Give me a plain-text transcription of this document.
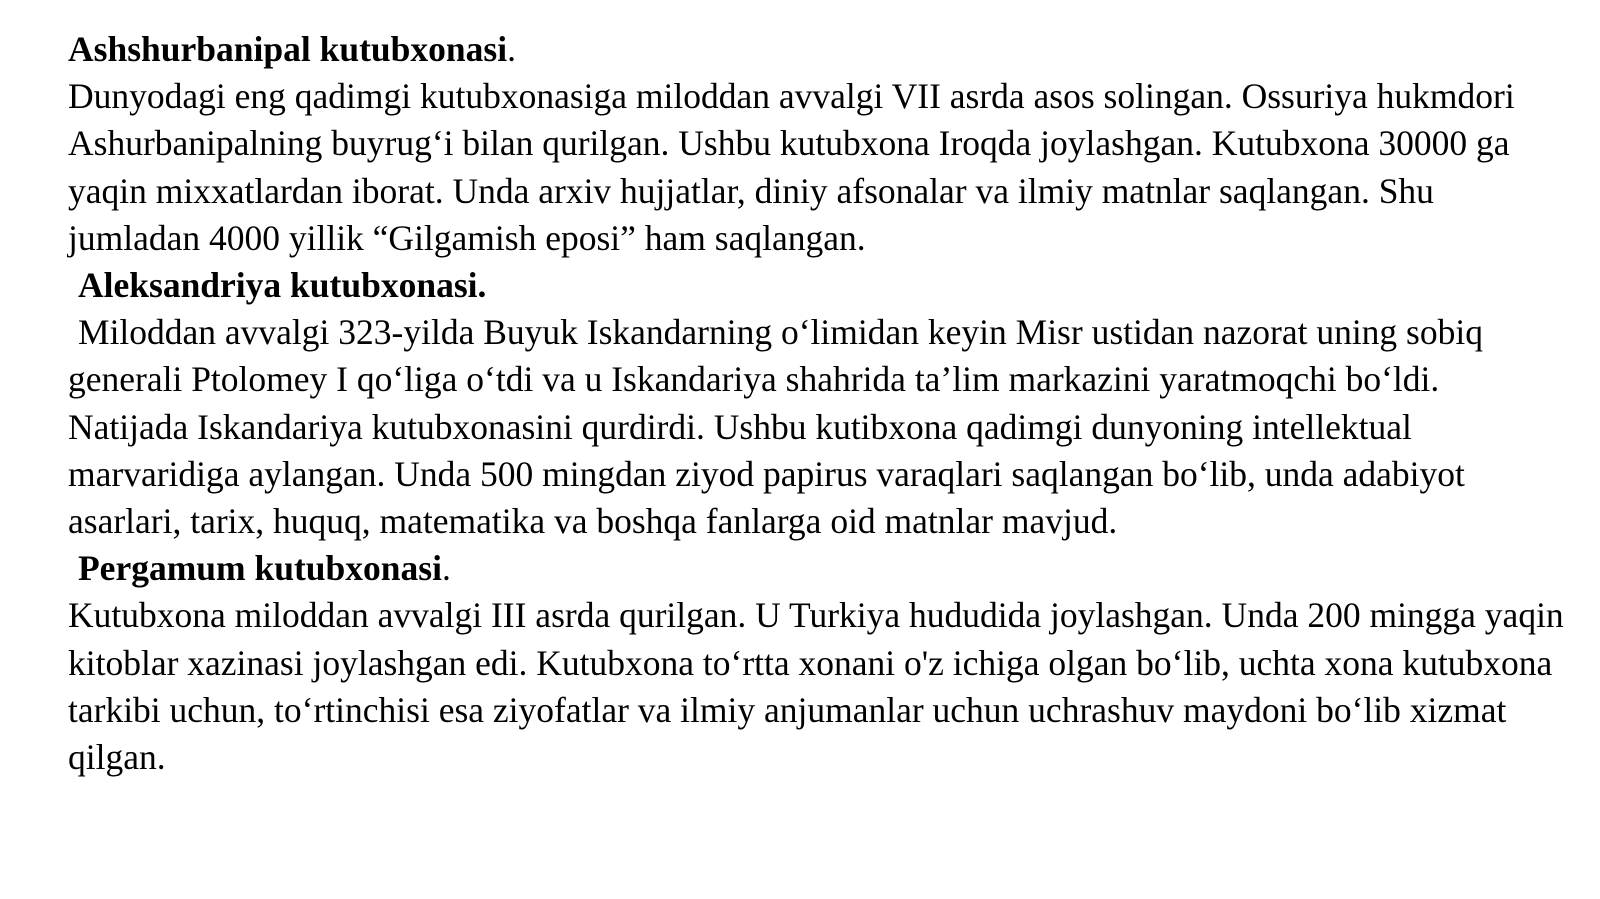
Ashshurbanipal kutubxonasi.

Dunyodagi eng qadimgi kutubxonasiga miloddan avvalgi VII asrda asos solingan. Ossuriya hukmdori Ashurbanipalning buyrug‘i bilan qurilgan. Ushbu kutubxona Iroqda joylashgan. Kutubxona 30000 ga yaqin mixxatlardan iborat. Unda arxiv hujjatlar, diniy afsonalar va ilmiy matnlar saqlangan. Shu jumladan 4000 yillik “Gilgamish eposi” ham saqlangan.

Aleksandriya kutubxonasi.

Miloddan avvalgi 323-yilda Buyuk Iskandarning o‘limidan keyin Misr ustidan nazorat uning sobiq generali Ptolomey I qo‘liga o‘tdi va u Iskandariya shahrida ta’lim markazini yaratmoqchi bo‘ldi. Natijada Iskandariya kutubxonasini qurdirdi. Ushbu kutibxona qadimgi dunyoning intellektual marvaridiga aylangan. Unda 500 mingdan ziyod papirus varaqlari saqlangan bo‘lib, unda adabiyot asarlari, tarix, huquq, matematika va boshqa fanlarga oid matnlar mavjud.

Pergamum kutubxonasi.

Kutubxona miloddan avvalgi III asrda qurilgan. U Turkiya hududida joylashgan. Unda 200 mingga yaqin kitoblar xazinasi joylashgan edi. Kutubxona to‘rtta xonani o'z ichiga olgan bo‘lib, uchta xona kutubxona tarkibi uchun, to‘rtinchisi esa ziyofatlar va ilmiy anjumanlar uchun uchrashuv maydoni bo‘lib xizmat qilgan.
